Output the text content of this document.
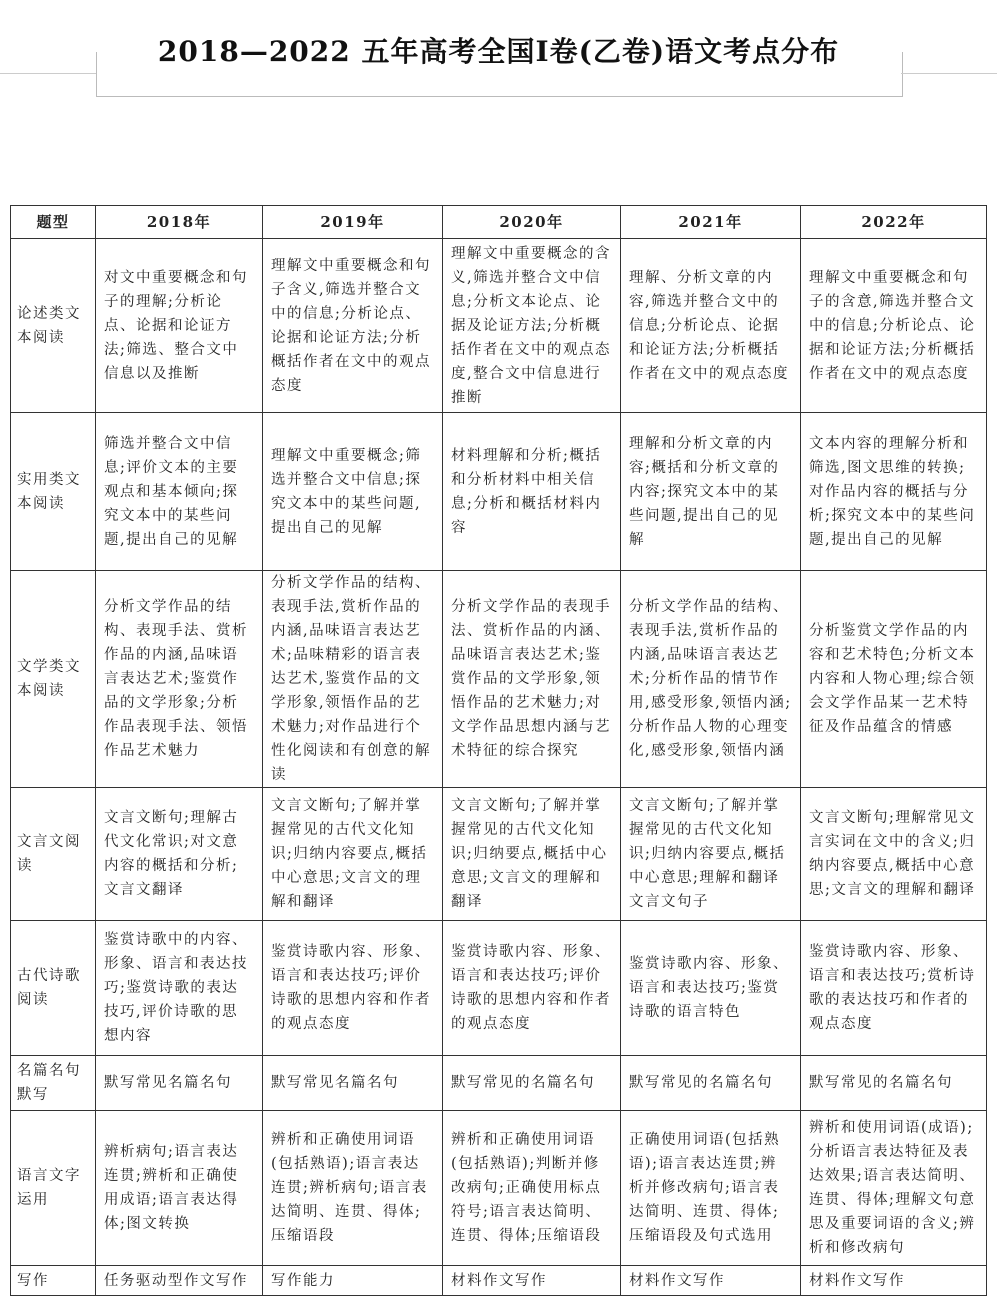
2018—2022 五年高考全国Ⅰ卷(乙卷)语文考点分布
题型	2018年	2019年	2020年	2021年	2022年
论述类文本阅读	对文中重要概念和句子的理解;分析论点、论据和论证方法;筛选、整合文中信息以及推断	理解文中重要概念和句子含义,筛选并整合文中的信息;分析论点、论据和论证方法;分析概括作者在文中的观点态度	理解文中重要概念的含义,筛选并整合文中信息;分析文本论点、论据及论证方法;分析概括作者在文中的观点态度,整合文中信息进行推断	理解、分析文章的内容,筛选并整合文中的信息;分析论点、论据和论证方法;分析概括作者在文中的观点态度	理解文中重要概念和句子的含意,筛选并整合文中的信息;分析论点、论据和论证方法;分析概括作者在文中的观点态度
实用类文本阅读	筛选并整合文中信息;评价文本的主要观点和基本倾向;探究文本中的某些问题,提出自己的见解	理解文中重要概念;筛选并整合文中信息;探究文本中的某些问题,提出自己的见解	材料理解和分析;概括和分析材料中相关信息;分析和概括材料内容	理解和分析文章的内容;概括和分析文章的内容;探究文本中的某些问题,提出自己的见解	文本内容的理解分析和筛选,图文思维的转换;对作品内容的概括与分析;探究文本中的某些问题,提出自己的见解
文学类文本阅读	分析文学作品的结构、表现手法、赏析作品的内涵,品味语言表达艺术;鉴赏作品的文学形象;分析作品表现手法、领悟作品艺术魅力	分析文学作品的结构、表现手法,赏析作品的内涵,品味语言表达艺术;品味精彩的语言表达艺术,鉴赏作品的文学形象,领悟作品的艺术魅力;对作品进行个性化阅读和有创意的解读	分析文学作品的表现手法、赏析作品的内涵、品味语言表达艺术;鉴赏作品的文学形象,领悟作品的艺术魅力;对文学作品思想内涵与艺术特征的综合探究	分析文学作品的结构、表现手法,赏析作品的内涵,品味语言表达艺术;分析作品的情节作用,感受形象,领悟内涵;分析作品人物的心理变化,感受形象,领悟内涵	分析鉴赏文学作品的内容和艺术特色;分析文本内容和人物心理;综合领会文学作品某一艺术特征及作品蕴含的情感
文言文阅读	文言文断句;理解古代文化常识;对文意内容的概括和分析;文言文翻译	文言文断句;了解并掌握常见的古代文化知识;归纳内容要点,概括中心意思;文言文的理解和翻译	文言文断句;了解并掌握常见的古代文化知识;归纳要点,概括中心意思;文言文的理解和翻译	文言文断句;了解并掌握常见的古代文化知识;归纳内容要点,概括中心意思;理解和翻译文言文句子	文言文断句;理解常见文言实词在文中的含义;归纳内容要点,概括中心意思;文言文的理解和翻译
古代诗歌阅读	鉴赏诗歌中的内容、形象、语言和表达技巧;鉴赏诗歌的表达技巧,评价诗歌的思想内容	鉴赏诗歌内容、形象、语言和表达技巧;评价诗歌的思想内容和作者的观点态度	鉴赏诗歌内容、形象、语言和表达技巧;评价诗歌的思想内容和作者的观点态度	鉴赏诗歌内容、形象、语言和表达技巧;鉴赏诗歌的语言特色	鉴赏诗歌内容、形象、语言和表达技巧;赏析诗歌的表达技巧和作者的观点态度
名篇名句默写	默写常见名篇名句	默写常见名篇名句	默写常见的名篇名句	默写常见的名篇名句	默写常见的名篇名句
语言文字运用	辨析病句;语言表达连贯;辨析和正确使用成语;语言表达得体;图文转换	辨析和正确使用词语(包括熟语);语言表达连贯;辨析病句;语言表达简明、连贯、得体;压缩语段	辨析和正确使用词语(包括熟语);判断并修改病句;正确使用标点符号;语言表达简明、连贯、得体;压缩语段	正确使用词语(包括熟语);语言表达连贯;辨析并修改病句;语言表达简明、连贯、得体;压缩语段及句式选用	辨析和使用词语(成语);分析语言表达特征及表达效果;语言表达简明、连贯、得体;理解文句意思及重要词语的含义;辨析和修改病句
写作	任务驱动型作文写作	写作能力	材料作文写作	材料作文写作	材料作文写作
